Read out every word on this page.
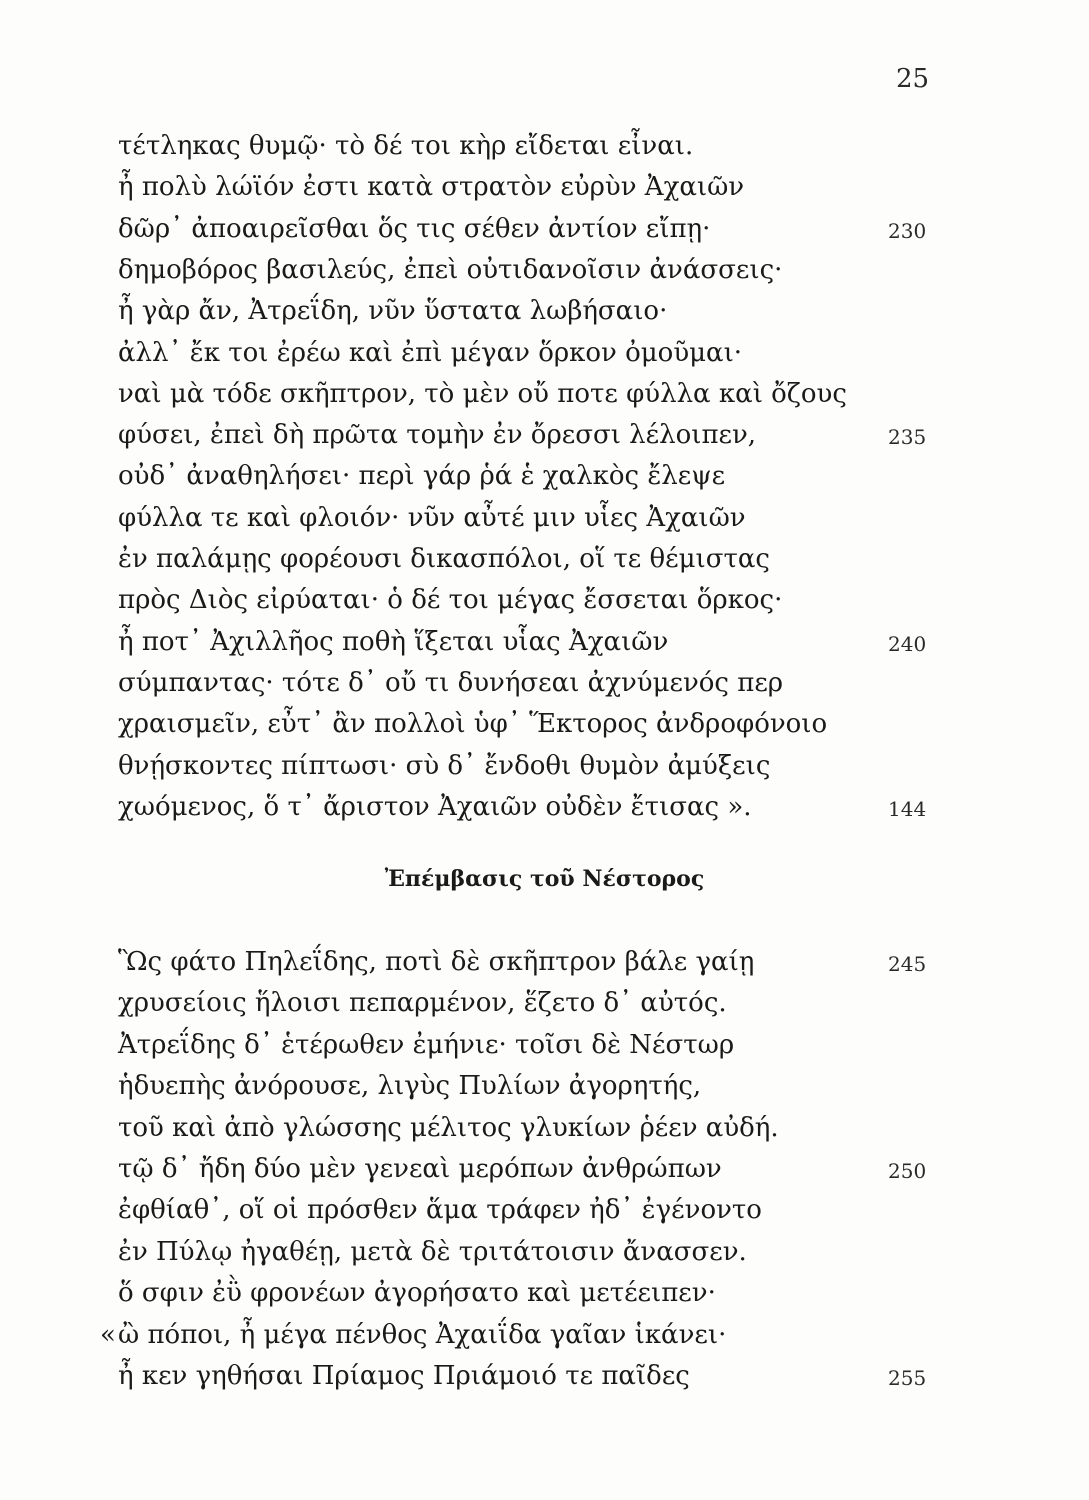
25
τέτληκας θυμῷ· τὸ δέ τοι κὴρ εἴδεται εἶναι.
ἦ πολὺ λώϊόν ἐστι κατὰ στρατὸν εὐρὺν Ἀχαιῶν
δῶρ᾽ ἀποαιρεῖσθαι ὅς τις σέθεν ἀντίον εἴπῃ·	230
δημοβόρος βασιλεύς, ἐπεὶ οὐτιδανοῖσιν ἀνάσσεις·
ἦ γὰρ ἄν, Ἀτρεΐδη, νῦν ὕστατα λωβήσαιο·
ἀλλ᾽ ἔκ τοι ἐρέω καὶ ἐπὶ μέγαν ὅρκον ὀμοῦμαι·
ναὶ μὰ τόδε σκῆπτρον, τὸ μὲν οὔ ποτε φύλλα καὶ ὄζους
φύσει, ἐπεὶ δὴ πρῶτα τομὴν ἐν ὄρεσσι λέλοιπεν,	235
οὐδ᾽ ἀναθηλήσει· περὶ γάρ ῥά ἑ χαλκὸς ἔλεψε
φύλλα τε καὶ φλοιόν· νῦν αὖτέ μιν υἷες Ἀχαιῶν
ἐν παλάμῃς φορέουσι δικασπόλοι, οἵ τε θέμιστας
πρὸς Διὸς εἰρύαται· ὁ δέ τοι μέγας ἔσσεται ὅρκος·
ἦ ποτ᾽ Ἀχιλλῆος ποθὴ ἵξεται υἷας Ἀχαιῶν	240
σύμπαντας· τότε δ᾽ οὔ τι δυνήσεαι ἀχνύμενός περ
χραισμεῖν, εὖτ᾽ ἂν πολλοὶ ὑφ᾽ Ἕκτορος ἀνδροφόνοιο
θνῄσκοντες πίπτωσι· σὺ δ᾽ ἔνδοθι θυμὸν ἀμύξεις
χωόμενος, ὅ τ᾽ ἄριστον Ἀχαιῶν οὐδὲν ἔτισας ».	144
Ἐπέμβασις τοῦ Νέστορος
Ὣς φάτο Πηλεΐδης, ποτὶ δὲ σκῆπτρον βάλε γαίῃ	245
χρυσείοις ἥλοισι πεπαρμένον, ἕζετο δ᾽ αὐτός.
Ἀτρεΐδης δ᾽ ἑτέρωθεν ἐμήνιε· τοῖσι δὲ Νέστωρ
ἡδυεπὴς ἀνόρουσε, λιγὺς Πυλίων ἀγορητής,
τοῦ καὶ ἀπὸ γλώσσης μέλιτος γλυκίων ῥέεν αὐδή.
τῷ δ᾽ ἤδη δύο μὲν γενεαὶ μερόπων ἀνθρώπων	250
ἐφθίαθ᾽, οἵ οἱ πρόσθεν ἅμα τράφεν ἠδ᾽ ἐγένοντο
ἐν Πύλῳ ἠγαθέῃ, μετὰ δὲ τριτάτοισιν ἄνασσεν.
ὅ σφιν ἐῢ φρονέων ἀγορήσατο καὶ μετέειπεν·
ὢ πόποι, ἦ μέγα πένθος Ἀχαιΐδα γαῖαν ἱκάνει·
ἦ κεν γηθήσαι Πρίαμος Πριάμοιό τε παῖδες	255
«
